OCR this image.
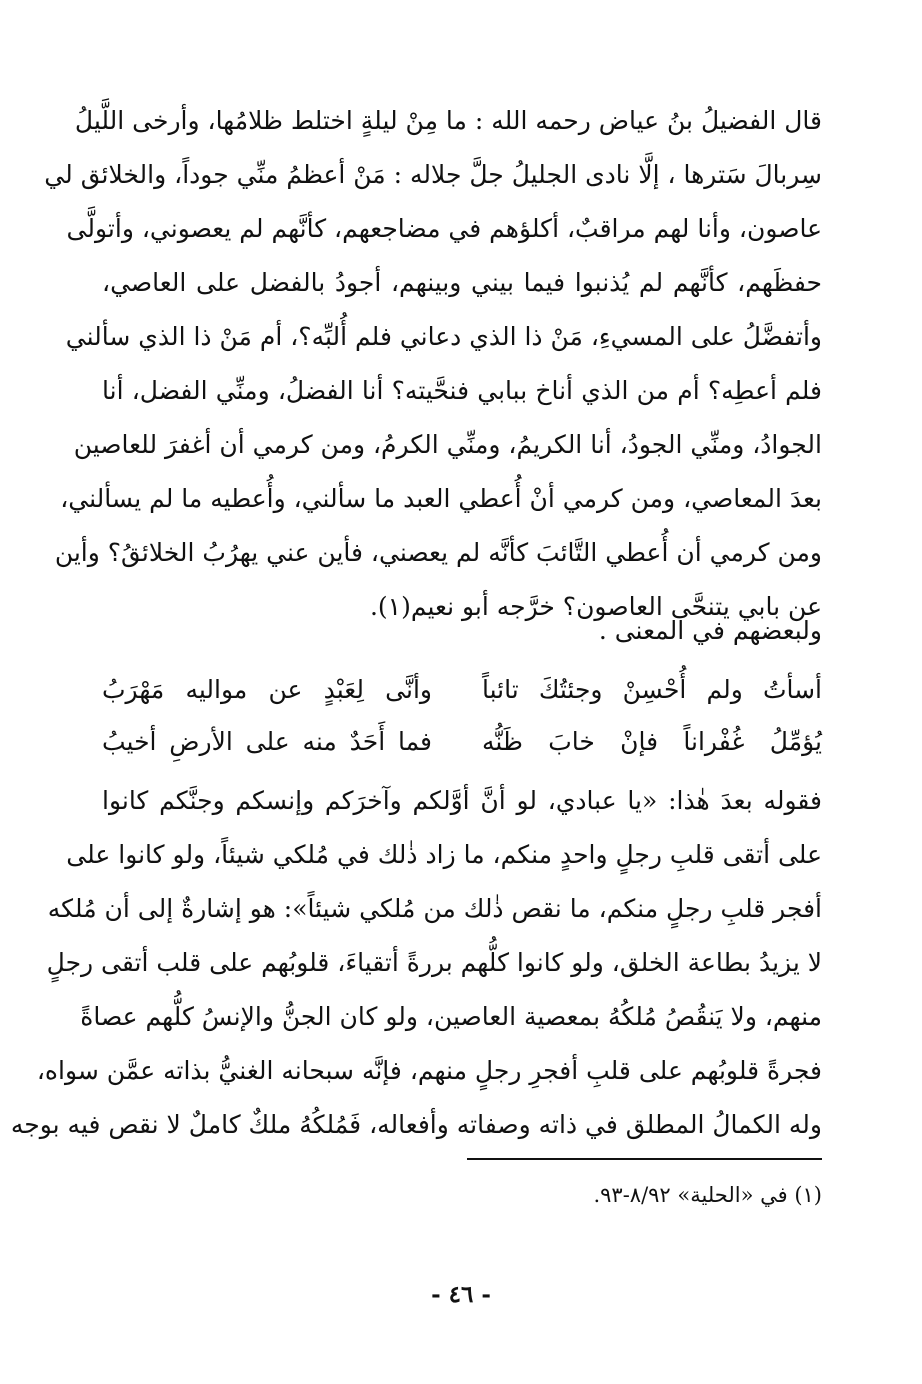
قال الفضيلُ بنُ عياض رحمه الله : ما مِنْ ليلةٍ اختلط ظلامُها، وأرخى اللَّيلُ
سِربالَ سَترها ، إلَّا نادى الجليلُ جلَّ جلاله : مَنْ أعظمُ منِّي جوداً، والخلائق لي
عاصون، وأنا لهم مراقبٌ، أكلؤهم في مضاجعهم، كأنَّهم لم يعصوني، وأتولَّى
حفظَهم، كأنَّهم لم يُذنبوا فيما بيني وبينهم، أجودُ بالفضل على العاصي،
وأتفضَّلُ على المسيءِ، مَنْ ذا الذي دعاني فلم أُلبِّه؟، أم مَنْ ذا الذي سألني
فلم أعطِه؟ أم من الذي أناخ ببابي فنحَّيته؟ أنا الفضلُ، ومنِّي الفضل، أنا
الجوادُ، ومنِّي الجودُ، أنا الكريمُ، ومنِّي الكرمُ، ومن كرمي أن أغفرَ للعاصين
بعدَ المعاصي، ومن كرمي أنْ أُعطي العبد ما سألني، وأُعطيه ما لم يسألني،
ومن كرمي أن أُعطي التَّائبَ كأنَّه لم يعصني، فأين عني يهرُبُ الخلائقُ؟ وأين
عن بابي يتنحَّى العاصون؟ خرَّجه أبو نعيم(١).
ولبعضهم في المعنى .
أسأتُ ولم أُحْسِنْ وجئتُكَ تائباً
وأنَّى لِعَبْدٍ عن مواليه مَهْرَبُ
يُؤمِّلُ غُفْراناً فإنْ خابَ ظَنُّه
فما أَحَدٌ منه على الأرضِ أخيبُ
فقوله بعدَ هٰذا: «يا عبادي، لو أنَّ أوَّلكم وآخرَكم وإنسكم وجنَّكم كانوا
على أتقى قلبِ رجلٍ واحدٍ منكم، ما زاد ذٰلك في مُلكي شيئاً، ولو كانوا على
أفجر قلبِ رجلٍ منكم، ما نقص ذٰلك من مُلكي شيئاً»: هو إشارةٌ إلى أن مُلكه
لا يزيدُ بطاعة الخلق، ولو كانوا كلُّهم بررةً أتقياءَ، قلوبُهم على قلب أتقى رجلٍ
منهم، ولا يَنقُصُ مُلكُهُ بمعصية العاصين، ولو كان الجنُّ والإنسُ كلُّهم عصاةً
فجرةً قلوبُهم على قلبِ أفجرِ رجلٍ منهم، فإنَّه سبحانه الغنيُّ بذاته عمَّن سواه،
وله الكمالُ المطلق في ذاته وصفاته وأفعاله، فَمُلكُهُ ملكٌ كاملٌ لا نقص فيه بوجه
(١) في «الحلية» ٨/٩٢-٩٣.
- ٤٦ -
